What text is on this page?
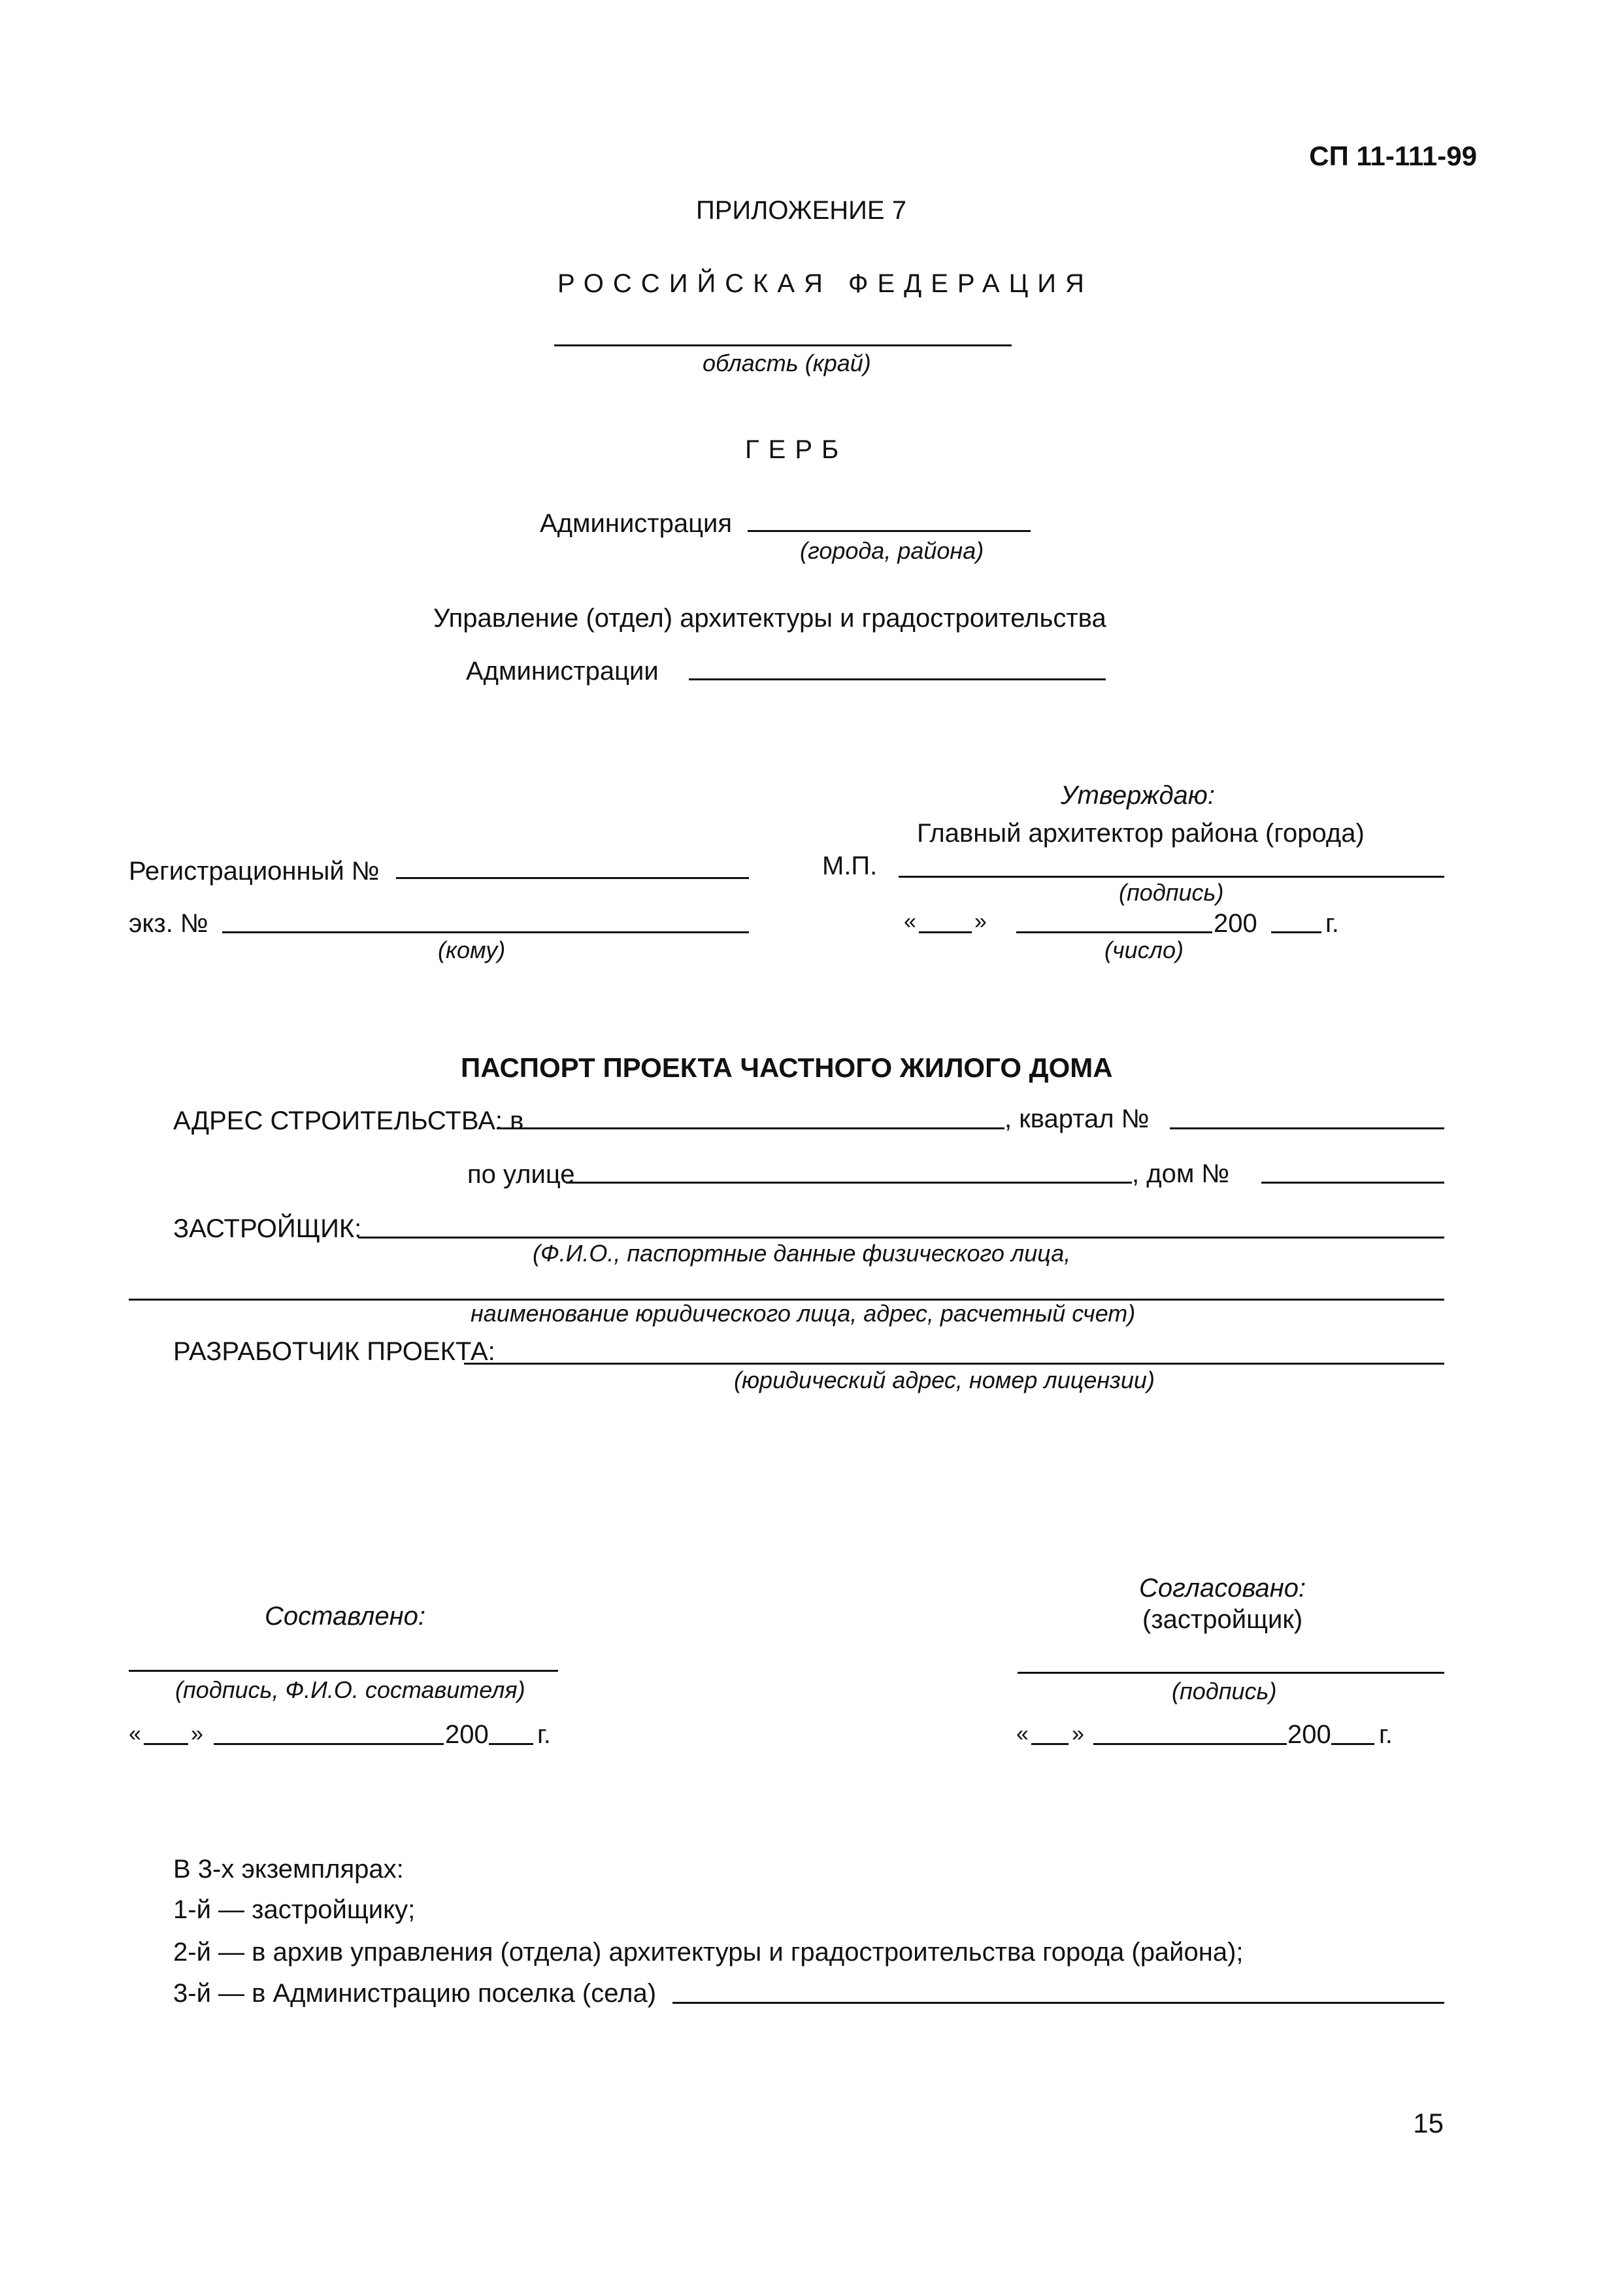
СП 11-111-99
ПРИЛОЖЕНИЕ 7
РОССИЙСКАЯ ФЕДЕРАЦИЯ
область (край)
ГЕРБ
Администрация
(города, района)
Управление (отдел) архитектуры и градостроительства
Администрации
Утверждаю:
Главный архитектор района (города)
Регистрационный №	М.П.
(подпись)
экз. №
(кому)
«	»	200	г.
(число)
ПАСПОРТ ПРОЕКТА ЧАСТНОГО ЖИЛОГО ДОМА
АДРЕС СТРОИТЕЛЬСТВА: в	, квартал №
по улице	, дом №
ЗАСТРОЙЩИК:
(Ф.И.О., паспортные данные физического лица,
наименование юридического лица, адрес, расчетный счет)
РАЗРАБОТЧИК ПРОЕКТА:
(юридический адрес, номер лицензии)
Согласовано:
(застройщик)
Составлено:
(подпись, Ф.И.О. составителя)	(подпись)
« »	200 г.	« »	200 г.
В 3-х экземплярах:
1-й — застройщику;
2-й — в архив управления (отдела) архитектуры и градостроительства города (района);
3-й — в Администрацию поселка (села)
15
